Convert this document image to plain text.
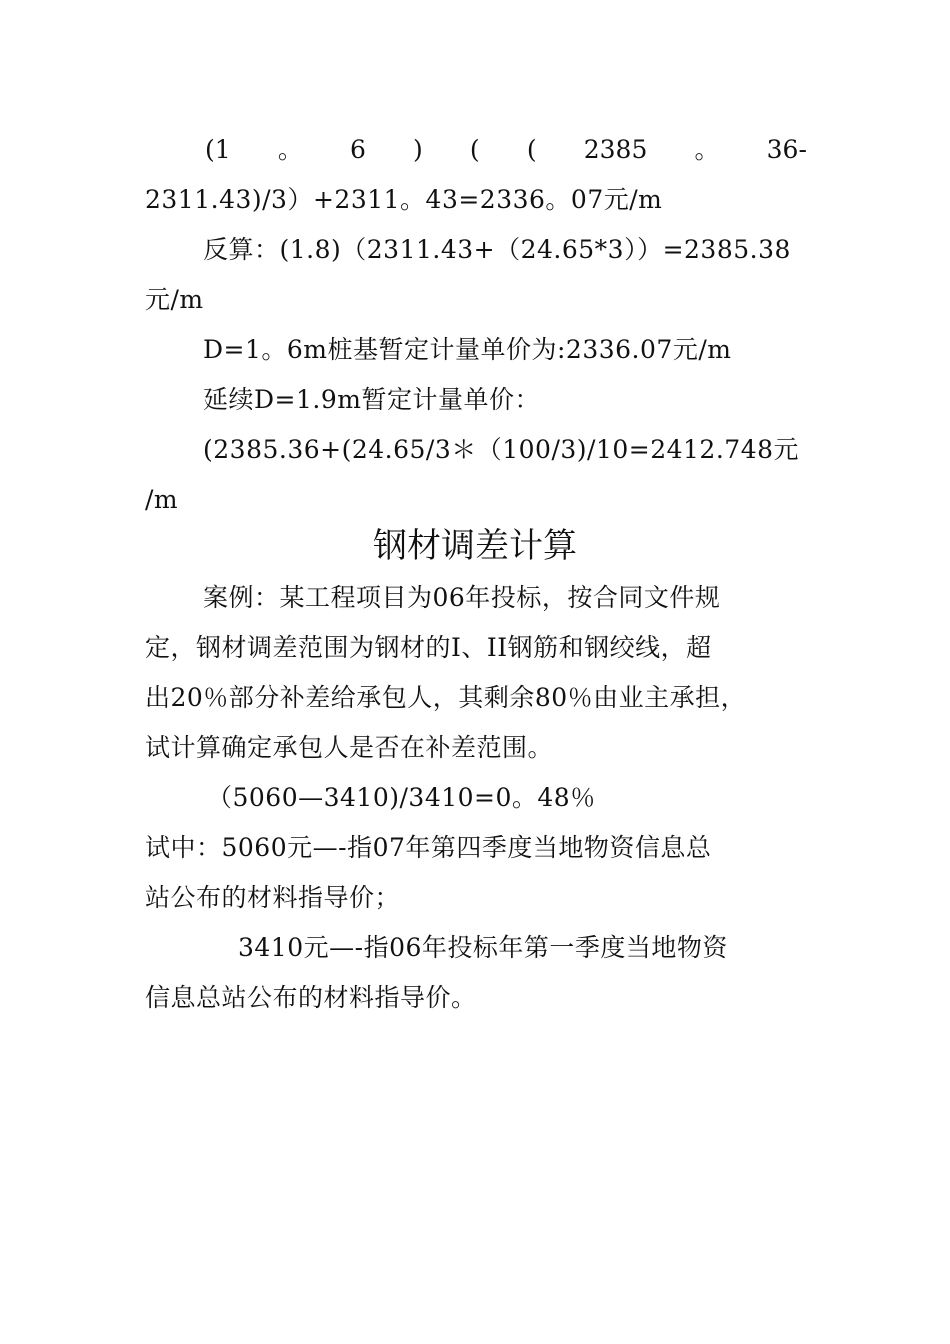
(1 。 6 ) ( ( 2385 。 36-
2311.43)/3）+2311。43=2336。07元/m
反算：(1.8)（2311.43+（24.65*3））=2385.38
元/m
D=1。6m桩基暂定计量单价为:2336.07元/m
延续D=1.9m暂定计量单价：
(2385.36+(24.65/3＊（100/3)/10=2412.748元
/m
钢材调差计算
案例：某工程项目为06年投标，按合同文件规
定，钢材调差范围为钢材的I、II钢筋和钢绞线，超
出20％部分补差给承包人，其剩余80％由业主承担，
试计算确定承包人是否在补差范围。
（5060—3410)/3410=0。48％
试中：5060元—-指07年第四季度当地物资信息总
站公布的材料指导价；
3410元—-指06年投标年第一季度当地物资
信息总站公布的材料指导价。
